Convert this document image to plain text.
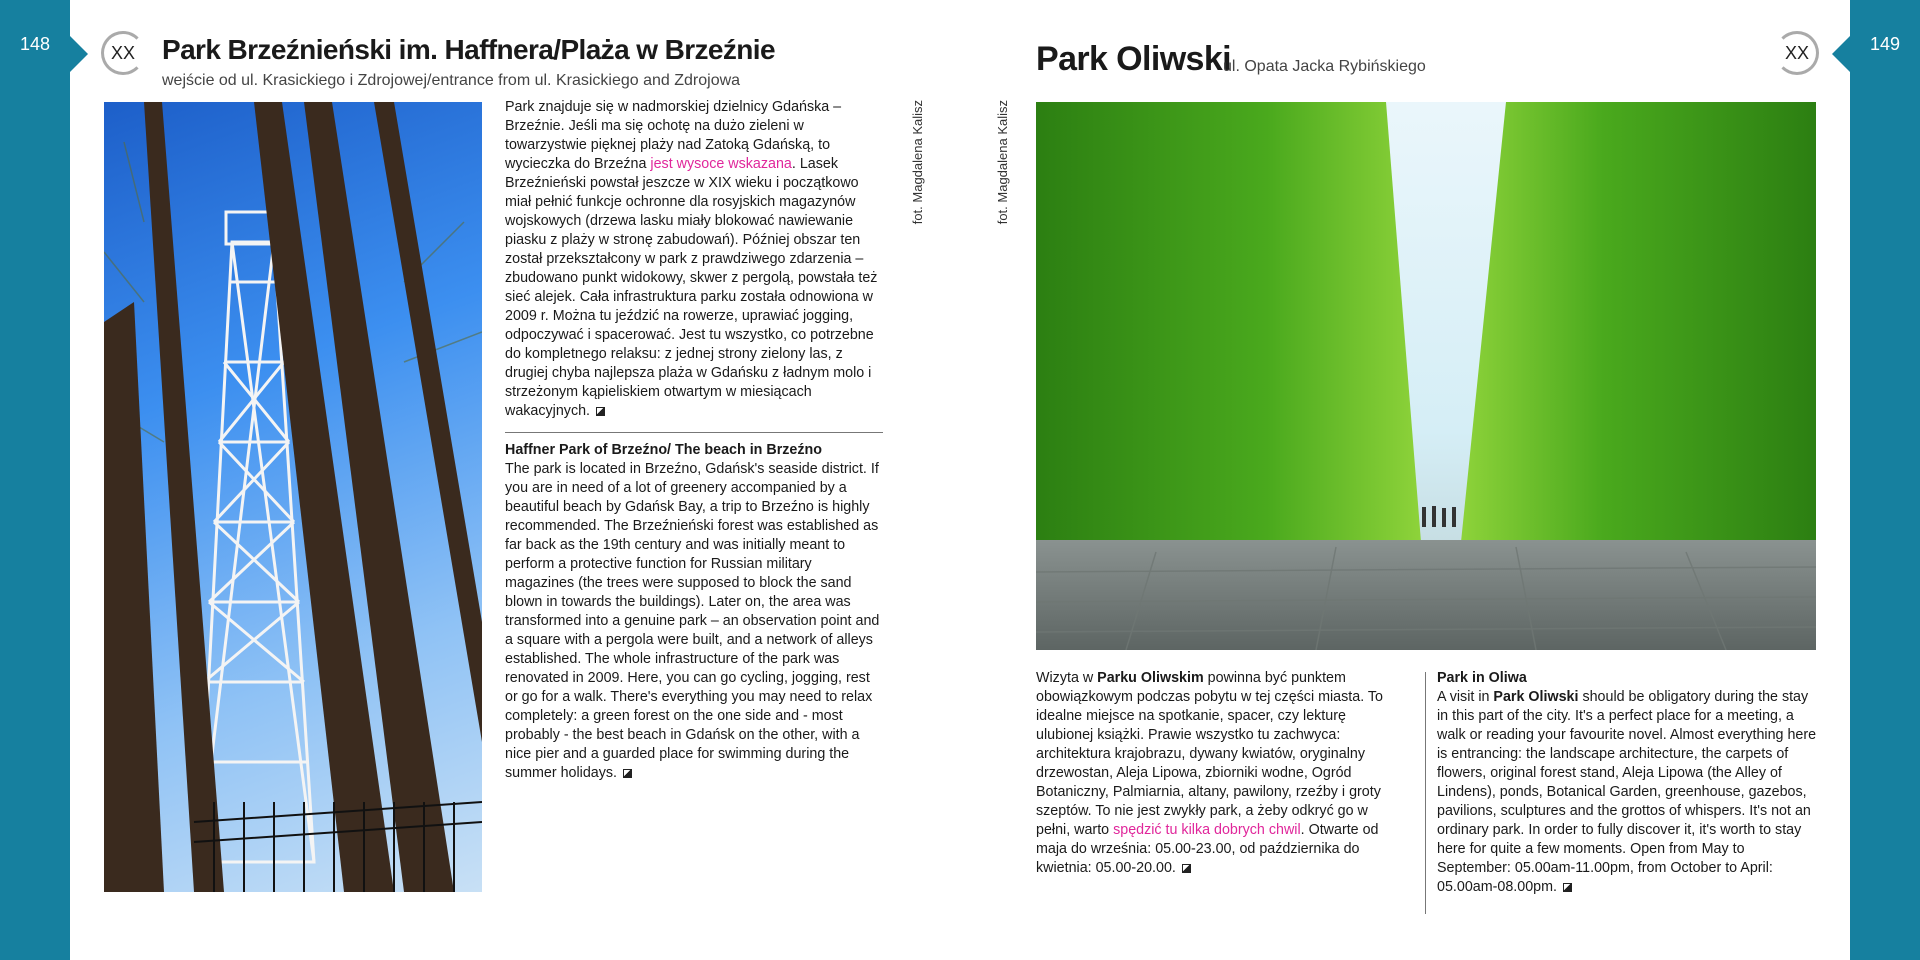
148	149
XX	XX
Park Brzeźnieński im. Haffnera/Plaża w Brzeźnie
wejście od ul. Krasickiego i Zdrojowej/entrance from ul. Krasickiego and Zdrojowa
Park Oliwski
ul. Opata Jacka Rybińskiego
fot. Magdalena Kalisz	fot. Magdalena Kalisz

Park znajduje się w nadmorskiej dzielnicy Gdańska – Brzeźnie. Jeśli ma się ochotę na dużo zieleni w towarzystwie pięknej plaży nad Zatoką Gdańską, to wycieczka do Brzeźna jest wysoce wskazana. Lasek Brzeźnieński powstał jeszcze w XIX wieku i początkowo miał pełnić funkcje ochronne dla rosyjskich magazynów wojskowych (drzewa lasku miały blokować nawiewanie piasku z plaży w stronę zabudowań). Później obszar ten został przekształcony w park z prawdziwego zdarzenia – zbudowano punkt widokowy, skwer z pergolą, powstała też sieć alejek. Cała infrastruktura parku została odnowiona w 2009 r. Można tu jeździć na rowerze, uprawiać jogging, odpoczywać i spacerować. Jest tu wszystko, co potrzebne do kompletnego relaksu: z jednej strony zielony las, z drugiej chyba najlepsza plaża w Gdańsku z ładnym molo i strzeżonym kąpieliskiem otwartym w miesiącach wakacyjnych.

Haffner Park of Brzeźno/ The beach in Brzeźno

The park is located in Brzeźno, Gdańsk's seaside district. If you are in need of a lot of greenery accompanied by a beautiful beach by Gdańsk Bay, a trip to Brzeźno is highly recommended. The Brzeźnieński forest was established as far back as the 19th century and was initially meant to perform a protective function for Russian military magazines (the trees were supposed to block the sand blown in towards the buildings). Later on, the area was transformed into a genuine park – an observation point and a square with a pergola were built, and a network of alleys established. The whole infrastructure of the park was renovated in 2009. Here, you can go cycling, jogging, rest or go for a walk. There's everything you may need to relax completely: a green forest on the one side and - most probably - the best beach in Gdańsk on the other, with a nice pier and a guarded place for swimming during the summer holidays.

Wizyta w Parku Oliwskim powinna być punktem obowiązkowym podczas pobytu w tej części miasta. To idealne miejsce na spotkanie, spacer, czy lekturę ulubionej książki. Prawie wszystko tu zachwyca: architektura krajobrazu, dywany kwiatów, oryginalny drzewostan, Aleja Lipowa, zbiorniki wodne, Ogród Botaniczny, Palmiarnia, altany, pawilony, rzeźby i groty szeptów. To nie jest zwykły park, a żeby odkryć go w pełni, warto spędzić tu kilka dobrych chwil. Otwarte od maja do września: 05.00-23.00, od października do kwietnia: 05.00-20.00.

Park in Oliwa

A visit in Park Oliwski should be obligatory during the stay in this part of the city. It's a perfect place for a meeting, a walk or reading your favourite novel. Almost everything here is entrancing: the landscape architecture, the carpets of flowers, original forest stand, Aleja Lipowa (the Alley of Lindens), ponds, Botanical Garden, greenhouse, gazebos, pavilions, sculptures and the grottos of whispers. It's not an ordinary park. In order to fully discover it, it's worth to stay here for quite a few moments. Open from May to September: 05.00am-11.00pm, from October to April: 05.00am-08.00pm.
